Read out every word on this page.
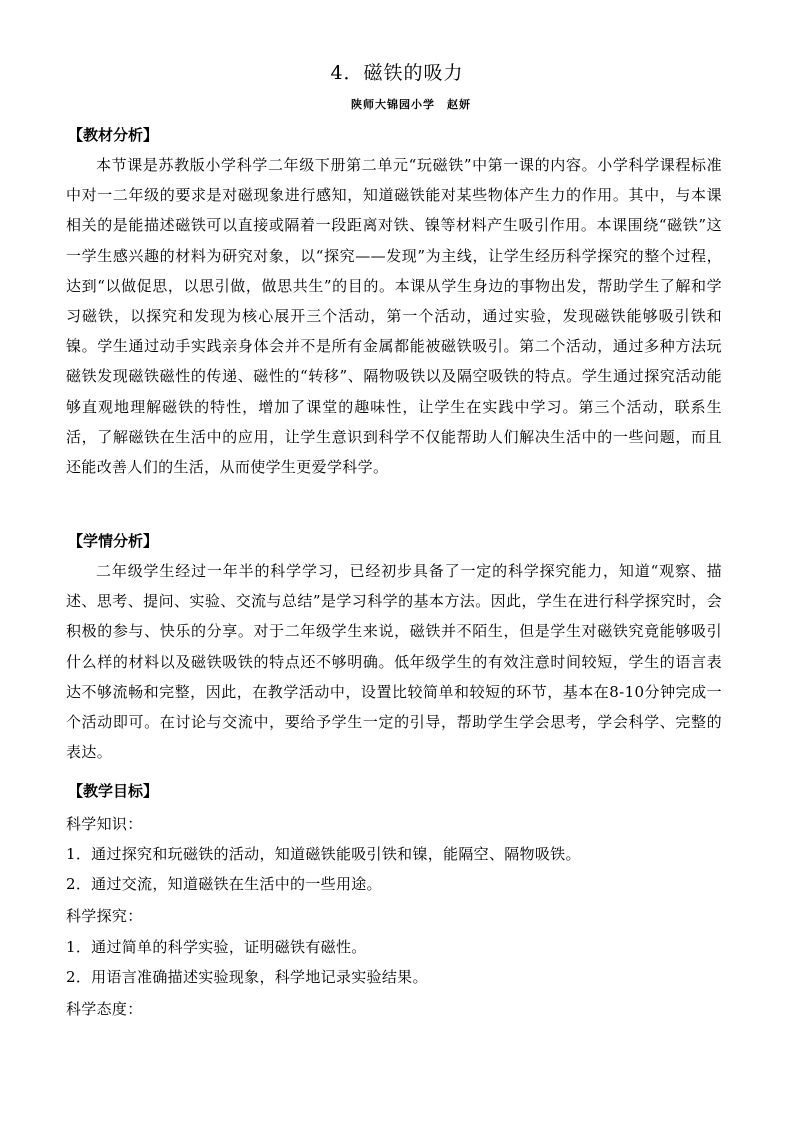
4．磁铁的吸力
陕师大锦园小学　赵妍
【教材分析】

本节课是苏教版小学科学二年级下册第二单元“玩磁铁”中第一课的内容。小学科学课程标准中对一二年级的要求是对磁现象进行感知，知道磁铁能对某些物体产生力的作用。其中，与本课相关的是能描述磁铁可以直接或隔着一段距离对铁、镍等材料产生吸引作用。本课围绕“磁铁”这一学生感兴趣的材料为研究对象，以“探究——发现”为主线，让学生经历科学探究的整个过程，达到“以做促思，以思引做，做思共生”的目的。本课从学生身边的事物出发，帮助学生了解和学习磁铁，以探究和发现为核心展开三个活动，第一个活动，通过实验，发现磁铁能够吸引铁和镍。学生通过动手实践亲身体会并不是所有金属都能被磁铁吸引。第二个活动，通过多种方法玩磁铁发现磁铁磁性的传递、磁性的“转移”、隔物吸铁以及隔空吸铁的特点。学生通过探究活动能够直观地理解磁铁的特性，增加了课堂的趣味性，让学生在实践中学习。第三个活动，联系生活，了解磁铁在生活中的应用，让学生意识到科学不仅能帮助人们解决生活中的一些问题，而且还能改善人们的生活，从而使学生更爱学科学。

【学情分析】

二年级学生经过一年半的科学学习，已经初步具备了一定的科学探究能力，知道“观察、描述、思考、提问、实验、交流与总结”是学习科学的基本方法。因此，学生在进行科学探究时，会积极的参与、快乐的分享。对于二年级学生来说，磁铁并不陌生，但是学生对磁铁究竟能够吸引什么样的材料以及磁铁吸铁的特点还不够明确。低年级学生的有效注意时间较短，学生的语言表达不够流畅和完整，因此，在教学活动中，设置比较简单和较短的环节，基本在8-10分钟完成一个活动即可。在讨论与交流中，要给予学生一定的引导，帮助学生学会思考，学会科学、完整的表达。

【教学目标】
科学知识：
1．通过探究和玩磁铁的活动，知道磁铁能吸引铁和镍，能隔空、隔物吸铁。
2．通过交流，知道磁铁在生活中的一些用途。
科学探究：
1．通过简单的科学实验，证明磁铁有磁性。
2．用语言准确描述实验现象，科学地记录实验结果。
科学态度：
